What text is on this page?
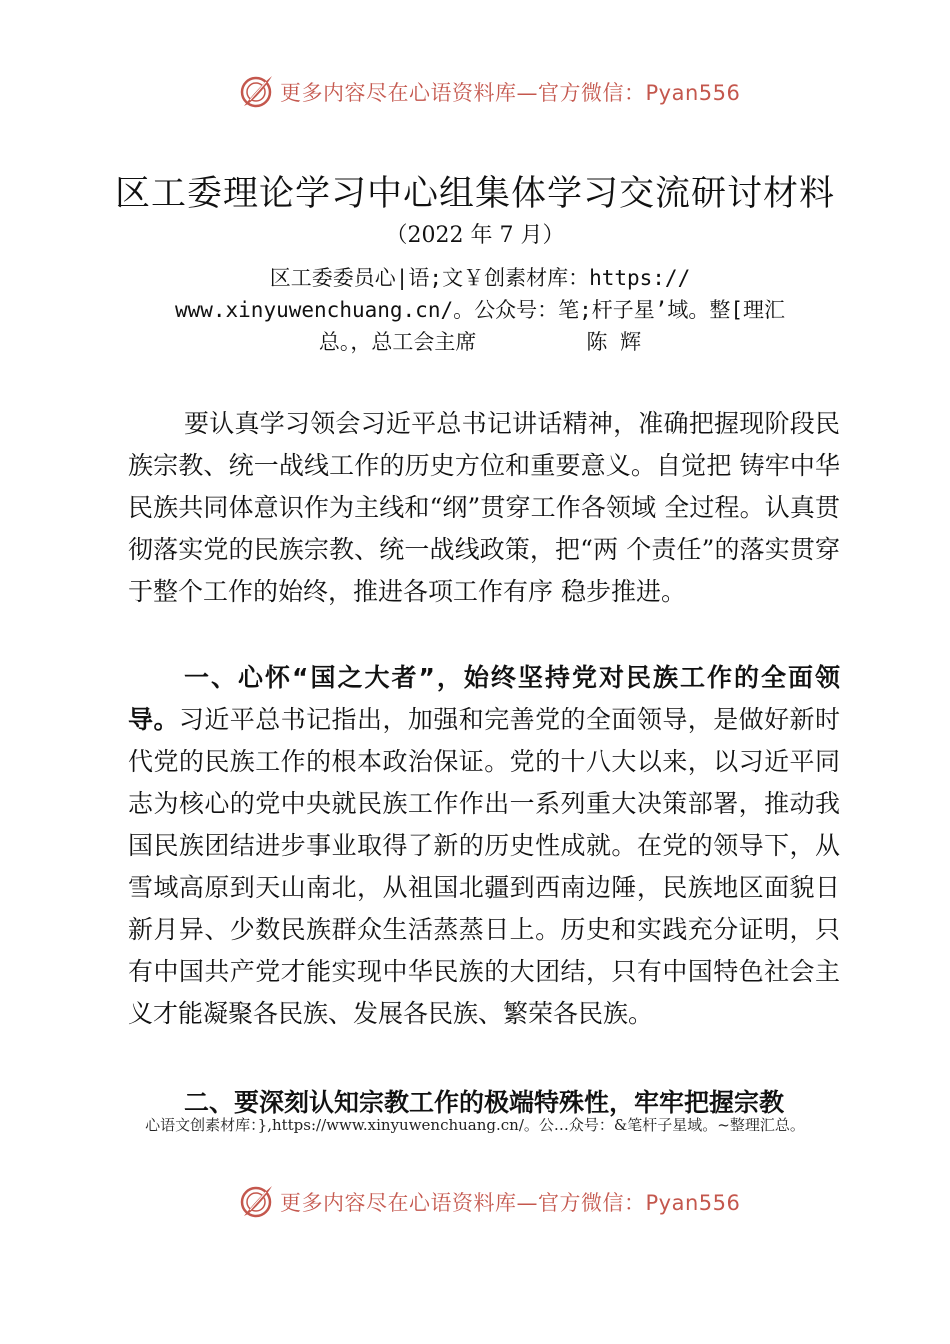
更多内容尽在心语资料库—官方微信：Pyan556
区工委理论学习中心组集体学习交流研讨材料
（2022 年 7 月）
区工委委员心|语;文￥创素材库：https://
www.xinyuwenchuang.cn/。公众号：笔;杆子星’域。整[理汇
总。，总工会主席	陈 辉

要认真学习领会习近平总书记讲话精神，准确把握现阶段民族宗教、统一战线工作的历史方位和重要意义。自觉把 铸牢中华民族共同体意识作为主线和“纲”贯穿工作各领域 全过程。认真贯彻落实党的民族宗教、统一战线政策，把“两 个责任”的落实贯穿于整个工作的始终，推进各项工作有序 稳步推进。

一、心怀“国之大者”，始终坚持党对民族工作的全面领导。习近平总书记指出，加强和完善党的全面领导，是做好新时代党的民族工作的根本政治保证。党的十八大以来，以习近平同志为核心的党中央就民族工作作出一系列重大决策部署，推动我国民族团结进步事业取得了新的历史性成就。在党的领导下，从雪域高原到天山南北，从祖国北疆到西南边陲，民族地区面貌日新月异、少数民族群众生活蒸蒸日上。历史和实践充分证明，只有中国共产党才能实现中华民族的大团结，只有中国特色社会主义才能凝聚各民族、发展各民族、繁荣各民族。

二、要深刻认知宗教工作的极端特殊性，牢牢把握宗教

心语文创素材库：},https://www.xinyuwenchuang.cn/。公…众号：&笔杆子星域。~整理汇总。
更多内容尽在心语资料库—官方微信：Pyan556
